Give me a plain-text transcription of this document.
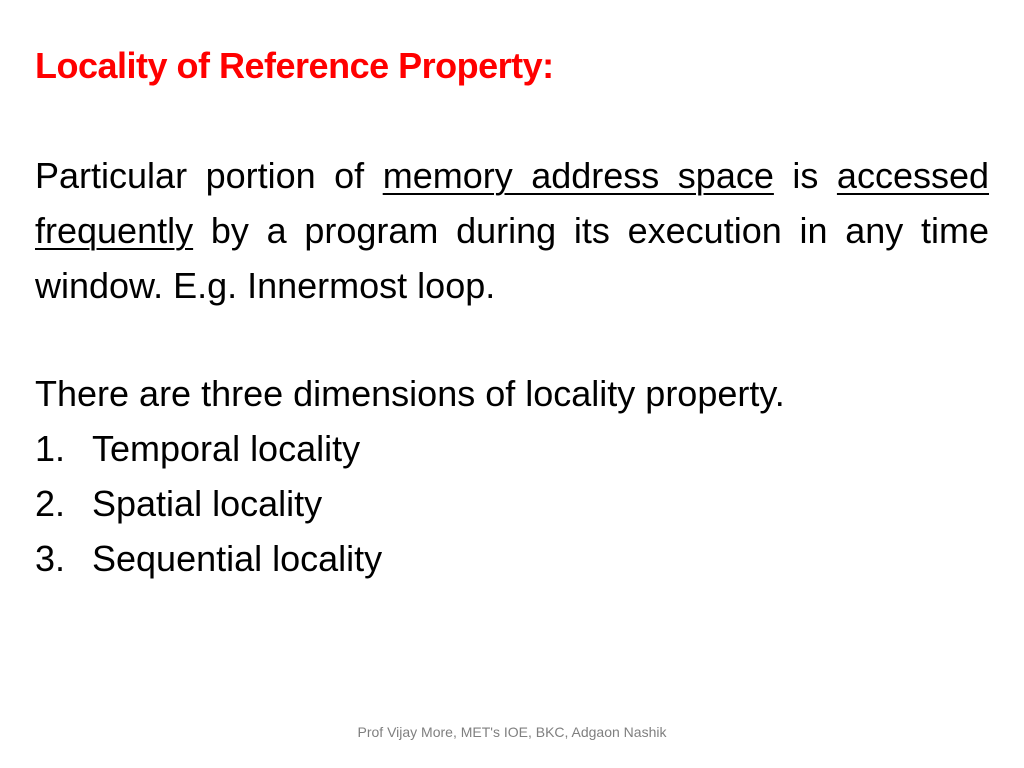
Locality of Reference Property:

Particular portion of memory address space is accessed frequently by a program during its execution in any time window. E.g. Innermost loop.

There are three dimensions of locality property.

1. Temporal locality
2. Spatial locality
3. Sequential locality
Prof Vijay More, MET's IOE, BKC, Adgaon Nashik
